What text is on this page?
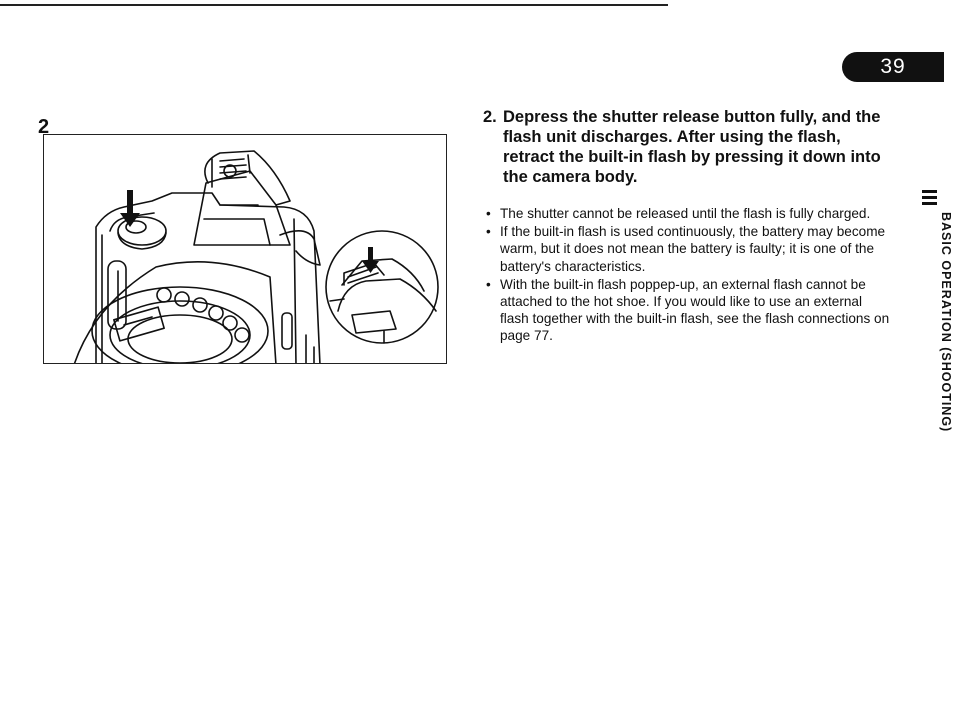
39
2	2. Depress the shutter release button fully, and the flash unit discharges. After using the flash, retract the built-in flash by pressing it down into the camera body.
• The shutter cannot be released until the flash is fully charged.
• If the built-in flash is used continuously, the battery may become warm, but it does not mean the battery is faulty; it is one of the battery's characteristics.
• With the built-in flash poppep-up, an external flash cannot be attached to the hot shoe. If you would like to use an external flash together with the built-in flash, see the flash connections on page 77.	BASIC OPERATION (SHOOTING)
